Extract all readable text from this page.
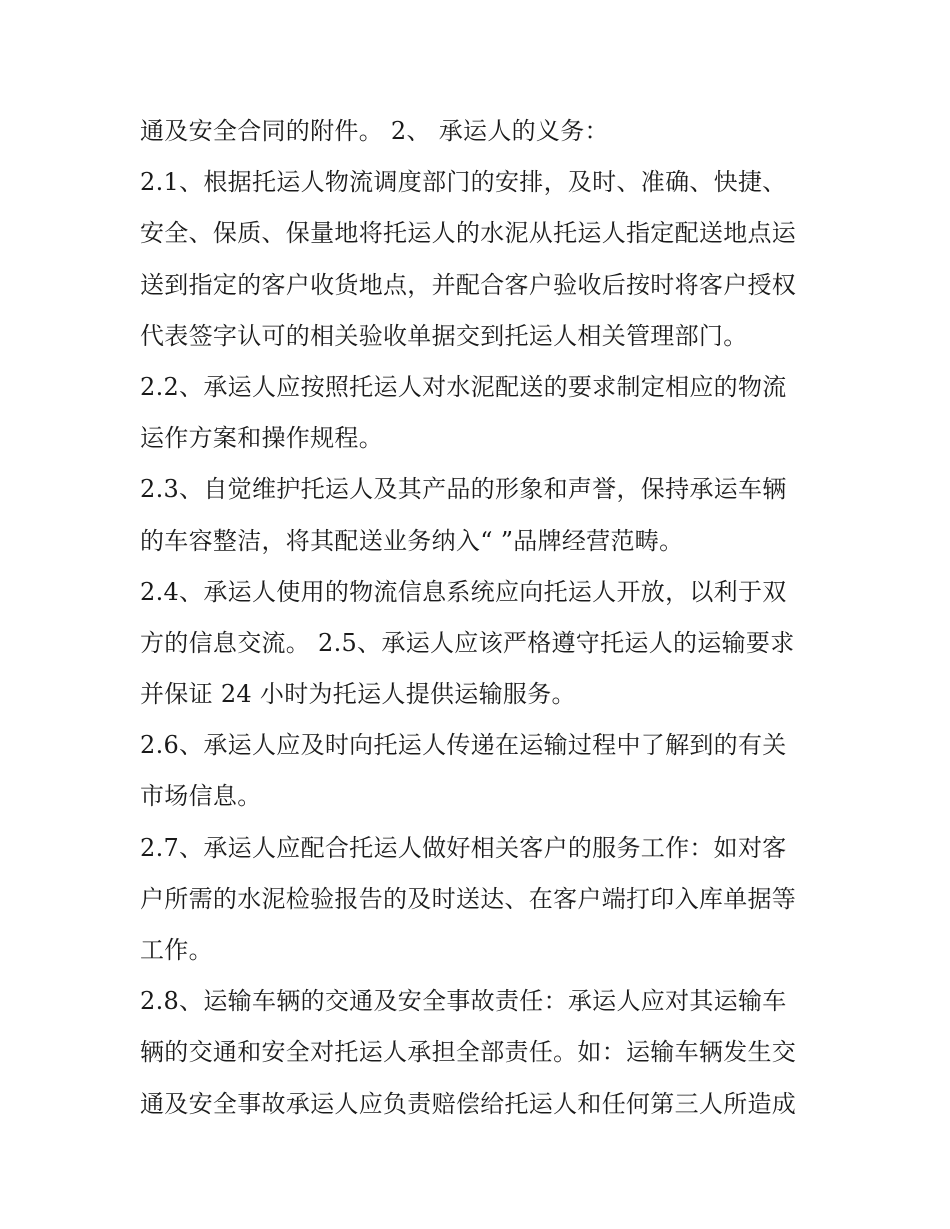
通及安全合同的附件。 2、 承运人的义务：
2.1、根据托运人物流调度部门的安排，及时、准确、快捷、
安全、保质、保量地将托运人的水泥从托运人指定配送地点运
送到指定的客户收货地点，并配合客户验收后按时将客户授权
代表签字认可的相关验收单据交到托运人相关管理部门。
2.2、承运人应按照托运人对水泥配送的要求制定相应的物流
运作方案和操作规程。
2.3、自觉维护托运人及其产品的形象和声誉，保持承运车辆
的车容整洁，将其配送业务纳入“ ”品牌经营范畴。
2.4、承运人使用的物流信息系统应向托运人开放，以利于双
方的信息交流。 2.5、承运人应该严格遵守托运人的运输要求
并保证 24 小时为托运人提供运输服务。
2.6、承运人应及时向托运人传递在运输过程中了解到的有关
市场信息。
2.7、承运人应配合托运人做好相关客户的服务工作：如对客
户所需的水泥检验报告的及时送达、在客户端打印入库单据等
工作。
2.8、运输车辆的交通及安全事故责任：承运人应对其运输车
辆的交通和安全对托运人承担全部责任。如：运输车辆发生交
通及安全事故承运人应负责赔偿给托运人和任何第三人所造成
